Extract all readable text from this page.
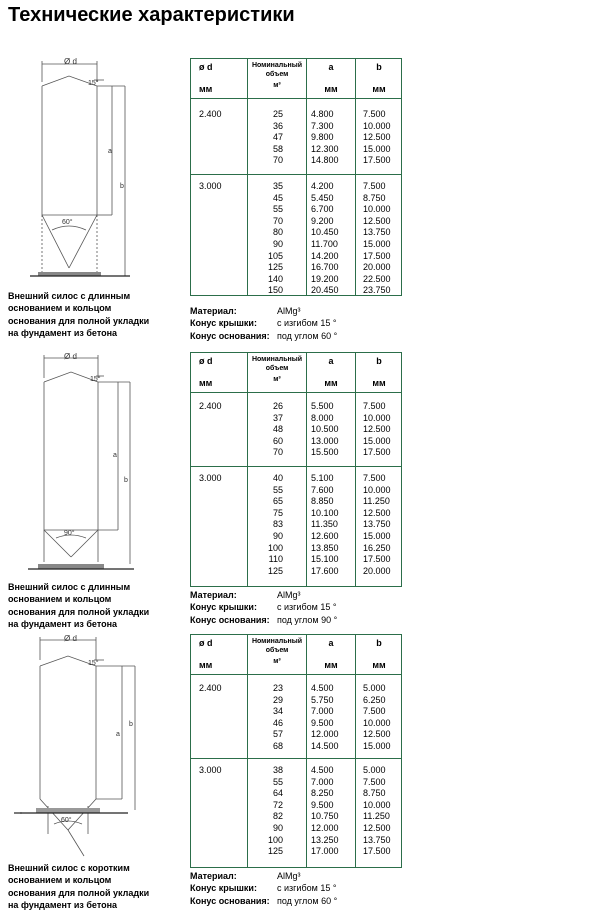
Технические характеристики
Ø d
15°
a
b
60°
Внешний силос с длинным
основанием и кольцом
основания для полной укладки
на фундамент из бетона
ø d
мм
Номинальный объем
м³
a
мм
b
мм
2.400	25	4.800	7.500
36	7.300	10.000
47	9.800	12.500
58	12.300	15.000
70	14.800	17.500
3.000	35	4.200	7.500
45	5.450	8.750
55	6.700	10.000
70	9.200	12.500
80	10.450	13.750
90	11.700	15.000
105	14.200	17.500
125	16.700	20.000
140	19.200	22.500
150	20.450	23.750
Материал:	AlMg³
Конус крышки: с изгибом 15 °
Конус основания: под углом 60 °
Ø d
15°
a
b
90°
Внешний силос с длинным
основанием и кольцом
основания для полной укладки
на фундамент из бетона
ø d
мм
Номинальный объем
м³
a
мм
b
мм
2.400	26	5.500	7.500
37	8.000	10.000
48	10.500	12.500
60	13.000	15.000
70	15.500	17.500
3.000	40	5.100	7.500
55	7.600	10.000
65	8.850	11.250
75	10.100	12.500
83	11.350	13.750
90	12.600	15.000
100	13.850	16.250
110	15.100	17.500
125	17.600	20.000
Материал:	AlMg³
Конус крышки: с изгибом 15 °
Конус основания: под углом 90 °
Ø d
15°
a
b
60°
Внешний силос с коротким
основанием и кольцом
основания для полной укладки
на фундамент из бетона
ø d
мм
Номинальный объем
м³
a
мм
b
мм
2.400	23	4.500	5.000
29	5.750	6.250
34	7.000	7.500
46	9.500	10.000
57	12.000	12.500
68	14.500	15.000
3.000	38	4.500	5.000
55	7.000	7.500
64	8.250	8.750
72	9.500	10.000
82	10.750	11.250
90	12.000	12.500
100	13.250	13.750
125	17.000	17.500
Материал:	AlMg³
Конус крышки: с изгибом 15 °
Конус основания: под углом 60 °
